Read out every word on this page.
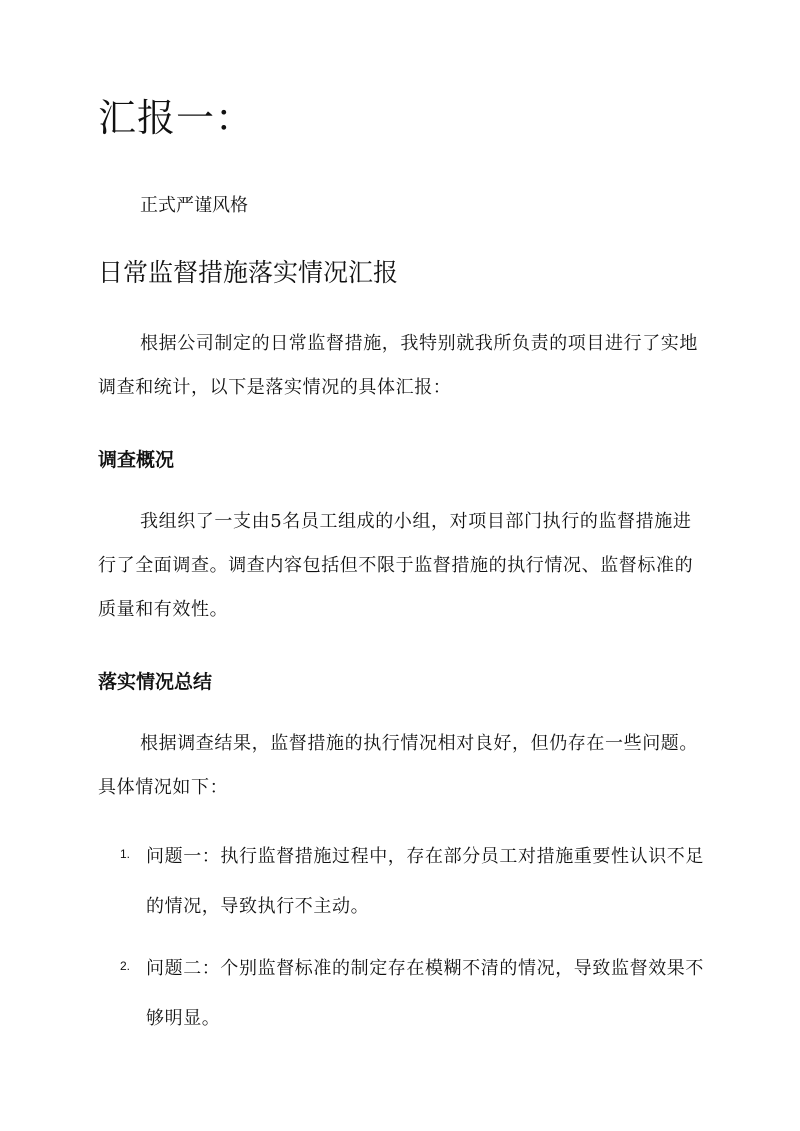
汇报一：
正式严谨风格
日常监督措施落实情况汇报

根据公司制定的日常监督措施，我特别就我所负责的项目进行了实地调查和统计，以下是落实情况的具体汇报：

调查概况

我组织了一支由5名员工组成的小组，对项目部门执行的监督措施进行了全面调查。调查内容包括但不限于监督措施的执行情况、监督标准的质量和有效性。

落实情况总结

根据调查结果，监督措施的执行情况相对良好，但仍存在一些问题。具体情况如下：

1. 问题一：执行监督措施过程中，存在部分员工对措施重要性认识不足的情况，导致执行不主动。

2. 问题二：个别监督标准的制定存在模糊不清的情况，导致监督效果不够明显。
